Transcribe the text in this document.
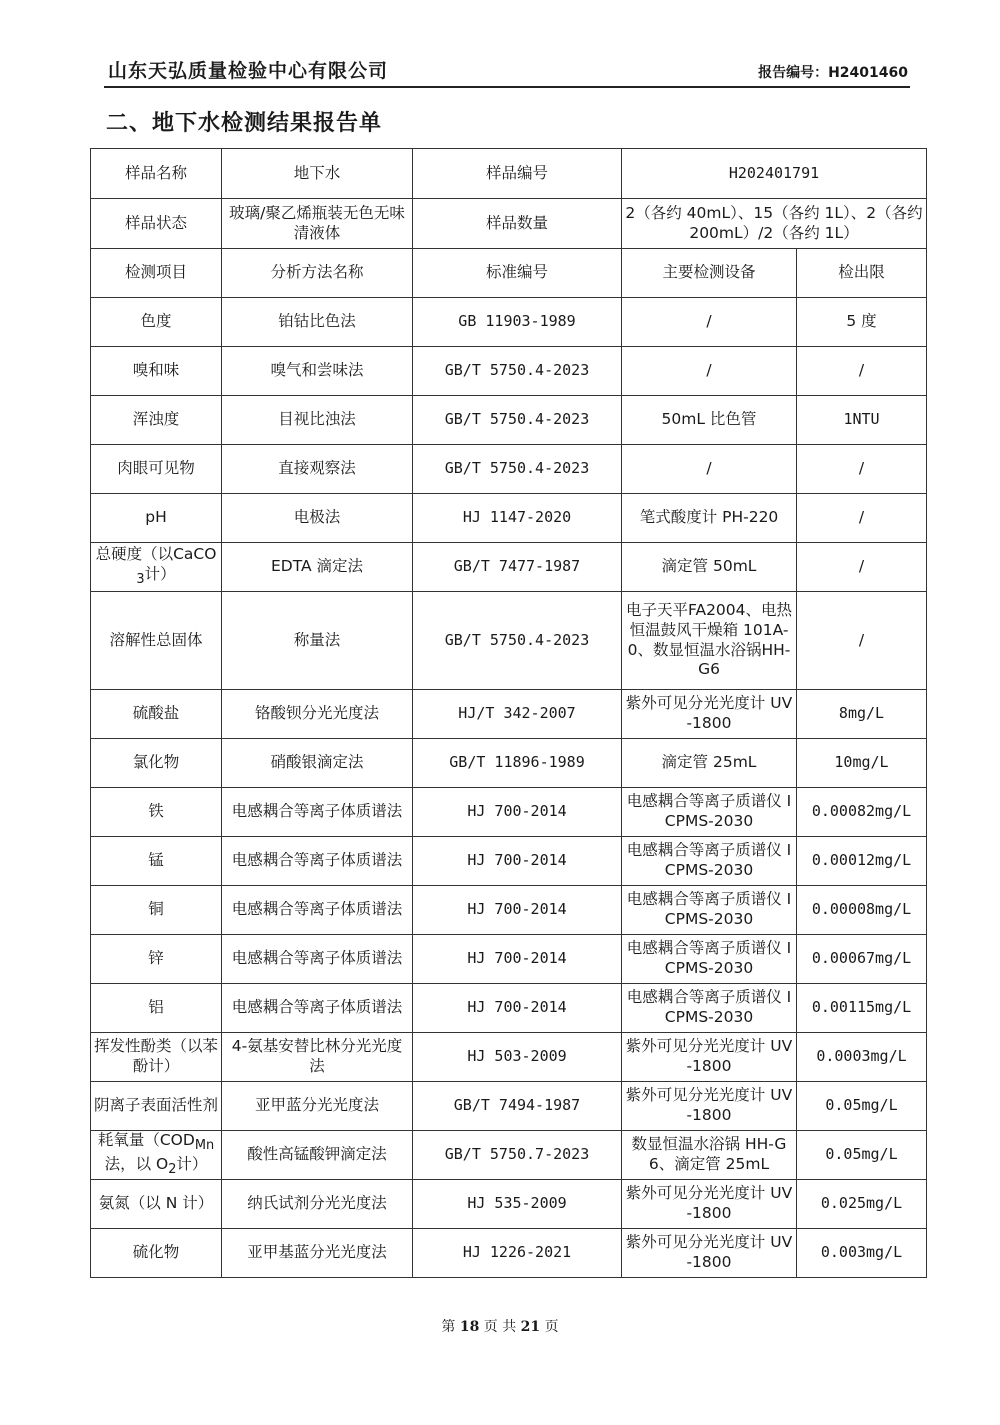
山东天弘质量检验中心有限公司	报告编号：H2401460
二、地下水检测结果报告单
样品名称	地下水	样品编号	H202401791	
样品状态	玻璃/聚乙烯瓶装无色无味清液体	样品数量	2（各约 40mL）、15（各约 1L）、2（各约 200mL）/2（各约 1L）	
检测项目	分析方法名称	标准编号	主要检测设备	检出限
色度	铂钴比色法	GB 11903-1989	/	5 度
嗅和味	嗅气和尝味法	GB/T 5750.4-2023	/	/
浑浊度	目视比浊法	GB/T 5750.4-2023	50mL 比色管	1NTU
肉眼可见物	直接观察法	GB/T 5750.4-2023	/	/
pH	电极法	HJ 1147-2020	笔式酸度计 PH-220	/
总硬度（以CaCO$_3$计）	EDTA 滴定法	GB/T 7477-1987	滴定管 50mL	/
溶解性总固体	称量法	GB/T 5750.4-2023	电子天平FA2004、电热恒温鼓风干燥箱 101A-0、数显恒温水浴锅HH-G6	/
硫酸盐	铬酸钡分光光度法	HJ/T 342-2007	紫外可见分光光度计 UV-1800	8mg/L
氯化物	硝酸银滴定法	GB/T 11896-1989	滴定管 25mL	10mg/L
铁	电感耦合等离子体质谱法	HJ 700-2014	电感耦合等离子质谱仪 ICPMS-2030	0.00082mg/L
锰	电感耦合等离子体质谱法	HJ 700-2014	电感耦合等离子质谱仪 ICPMS-2030	0.00012mg/L
铜	电感耦合等离子体质谱法	HJ 700-2014	电感耦合等离子质谱仪 ICPMS-2030	0.00008mg/L
锌	电感耦合等离子体质谱法	HJ 700-2014	电感耦合等离子质谱仪 ICPMS-2030	0.00067mg/L
铝	电感耦合等离子体质谱法	HJ 700-2014	电感耦合等离子质谱仪 ICPMS-2030	0.00115mg/L
挥发性酚类（以苯酚计）	4-氨基安替比林分光光度法	HJ 503-2009	紫外可见分光光度计 UV-1800	0.0003mg/L
阴离子表面活性剂	亚甲蓝分光光度法	GB/T 7494-1987	紫外可见分光光度计 UV-1800	0.05mg/L
耗氧量（$COD_{Mn}$法，以 $O_2$计）	酸性高锰酸钾滴定法	GB/T 5750.7-2023	数显恒温水浴锅 HH-G6、滴定管 25mL	0.05mg/L
氨氮（以 N 计）	纳氏试剂分光光度法	HJ 535-2009	紫外可见分光光度计 UV-1800	0.025mg/L
硫化物	亚甲基蓝分光光度法	HJ 1226-2021	紫外可见分光光度计 UV-1800	0.003mg/L
第 18 页 共 21 页
